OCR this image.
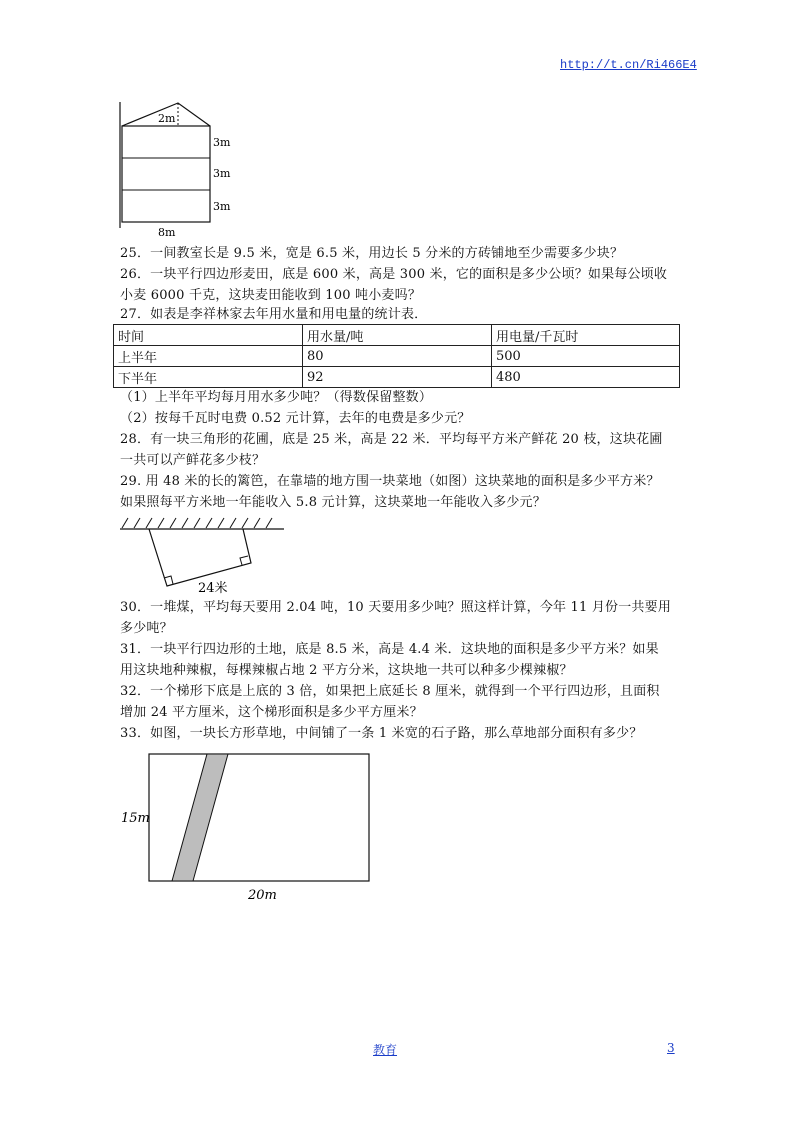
http://t.cn/Ri466E4
2m
3m
3m
3m
8m
25．一间教室长是 9.5 米，宽是 6.5 米，用边长 5 分米的方砖铺地至少需要多少块？
26．一块平行四边形麦田，底是 600 米，高是 300 米，它的面积是多少公顷？如果每公顷收
小麦 6000 千克，这块麦田能收到 100 吨小麦吗？
27．如表是李祥林家去年用水量和用电量的统计表．
时间	用水量/吨	用电量/千瓦时
上半年	80	500
下半年	92	480
（1）上半年平均每月用水多少吨？（得数保留整数）
（2）按每千瓦时电费 0.52 元计算，去年的电费是多少元？
28．有一块三角形的花圃，底是 25 米，高是 22 米．平均每平方米产鲜花 20 枝，这块花圃
一共可以产鲜花多少枝？
29. 用 48 米的长的篱笆，在靠墙的地方围一块菜地（如图）这块菜地的面积是多少平方米？
如果照每平方米地一年能收入 5.8 元计算，这块菜地一年能收入多少元？
24米
30．一堆煤，平均每天要用 2.04 吨，10 天要用多少吨？照这样计算，今年 11 月份一共要用
多少吨？
31．一块平行四边形的土地，底是 8.5 米，高是 4.4 米．这块地的面积是多少平方米？如果
用这块地种辣椒，每棵辣椒占地 2 平方分米，这块地一共可以种多少棵辣椒？
32．一个梯形下底是上底的 3 倍，如果把上底延长 8 厘米，就得到一个平行四边形，且面积
增加 24 平方厘米，这个梯形面积是多少平方厘米？
33．如图，一块长方形草地，中间铺了一条 1 米宽的石子路，那么草地部分面积有多少？
15m
20m
教育	3
